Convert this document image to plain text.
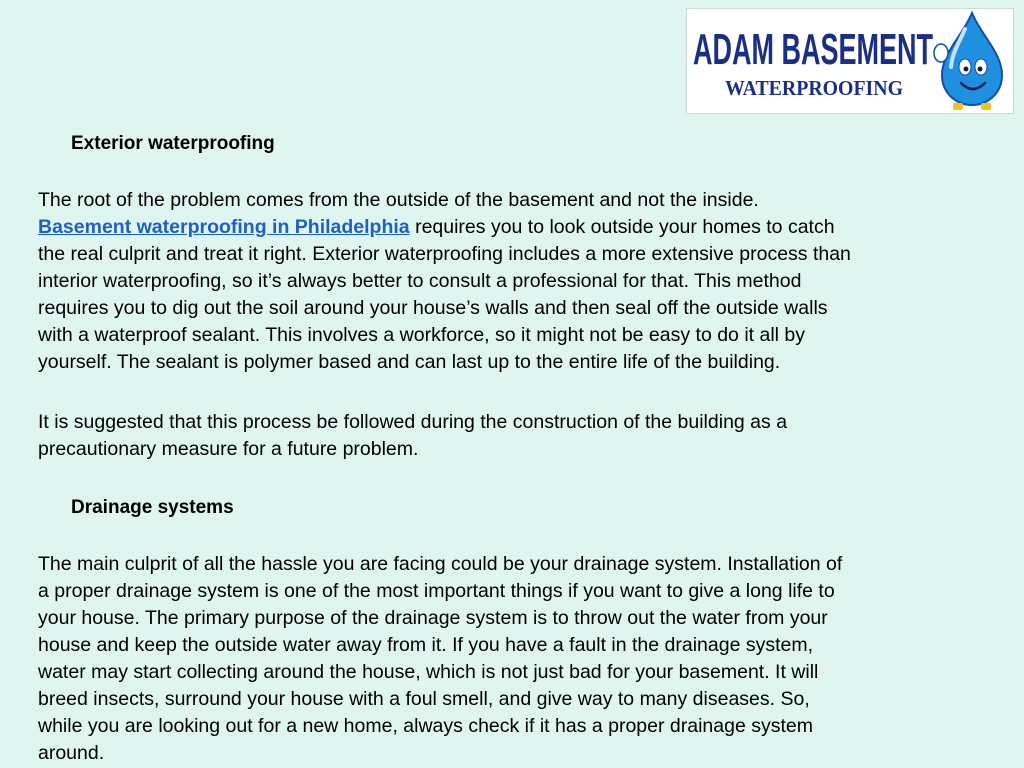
ADAM BASEMENT
WATERPROOFING
Exterior waterproofing
The root of the problem comes from the outside of the basement and not the inside.
Basement waterproofing in Philadelphia requires you to look outside your homes to catch
the real culprit and treat it right. Exterior waterproofing includes a more extensive process than
interior waterproofing, so it’s always better to consult a professional for that. This method
requires you to dig out the soil around your house’s walls and then seal off the outside walls
with a waterproof sealant. This involves a workforce, so it might not be easy to do it all by
yourself. The sealant is polymer based and can last up to the entire life of the building.
It is suggested that this process be followed during the construction of the building as a
precautionary measure for a future problem.
Drainage systems
The main culprit of all the hassle you are facing could be your drainage system. Installation of
a proper drainage system is one of the most important things if you want to give a long life to
your house. The primary purpose of the drainage system is to throw out the water from your
house and keep the outside water away from it. If you have a fault in the drainage system,
water may start collecting around the house, which is not just bad for your basement. It will
breed insects, surround your house with a foul smell, and give way to many diseases. So,
while you are looking out for a new home, always check if it has a proper drainage system
around.
